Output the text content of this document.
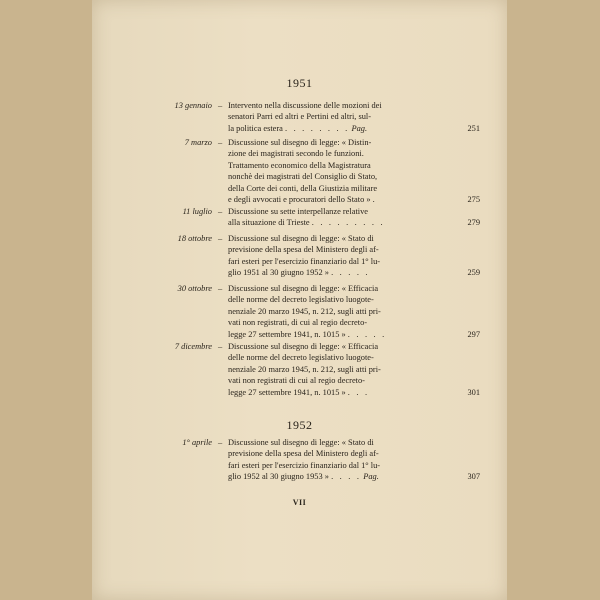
1951
13 gennaio – Intervento nella discussione delle mozioni dei
senatori Parri ed altri e Pertini ed altri, sul-
la politica estera . . . . . . . . Pag.	251
7 marzo – Discussione sul disegno di legge: « Distin-
zione dei magistrati secondo le funzioni.
Trattamento economico della Magistratura
nonchè dei magistrati del Consiglio di Stato,
della Corte dei conti, della Giustizia militare
e degli avvocati e procuratori dello Stato » .	275
11 luglio – Discussione su sette interpellanze relative
alla situazione di Trieste . . . . . . . . .	279
18 ottobre – Discussione sul disegno di legge: « Stato di
previsione della spesa del Ministero degli af-
fari esteri per l'esercizio finanziario dal 1° lu-
glio 1951 al 30 giugno 1952 » . . . . .	259
30 ottobre – Discussione sul disegno di legge: « Efficacia
delle norme del decreto legislativo luogote-
nenziale 20 marzo 1945, n. 212, sugli atti pri-
vati non registrati, di cui al regio decreto-
legge 27 settembre 1941, n. 1015 » . . . . .	297
7 dicembre – Discussione sul disegno di legge: « Efficacia
delle norme del decreto legislativo luogote-
nenziale 20 marzo 1945, n. 212, sugli atti pri-
vati non registrati di cui al regio decreto-
legge 27 settembre 1941, n. 1015 » . . .	301
1952
1° aprile – Discussione sul disegno di legge: « Stato di
previsione della spesa del Ministero degli af-
fari esteri per l'esercizio finanziario dal 1° lu-
glio 1952 al 30 giugno 1953 » . . . . Pag.	307
VII
